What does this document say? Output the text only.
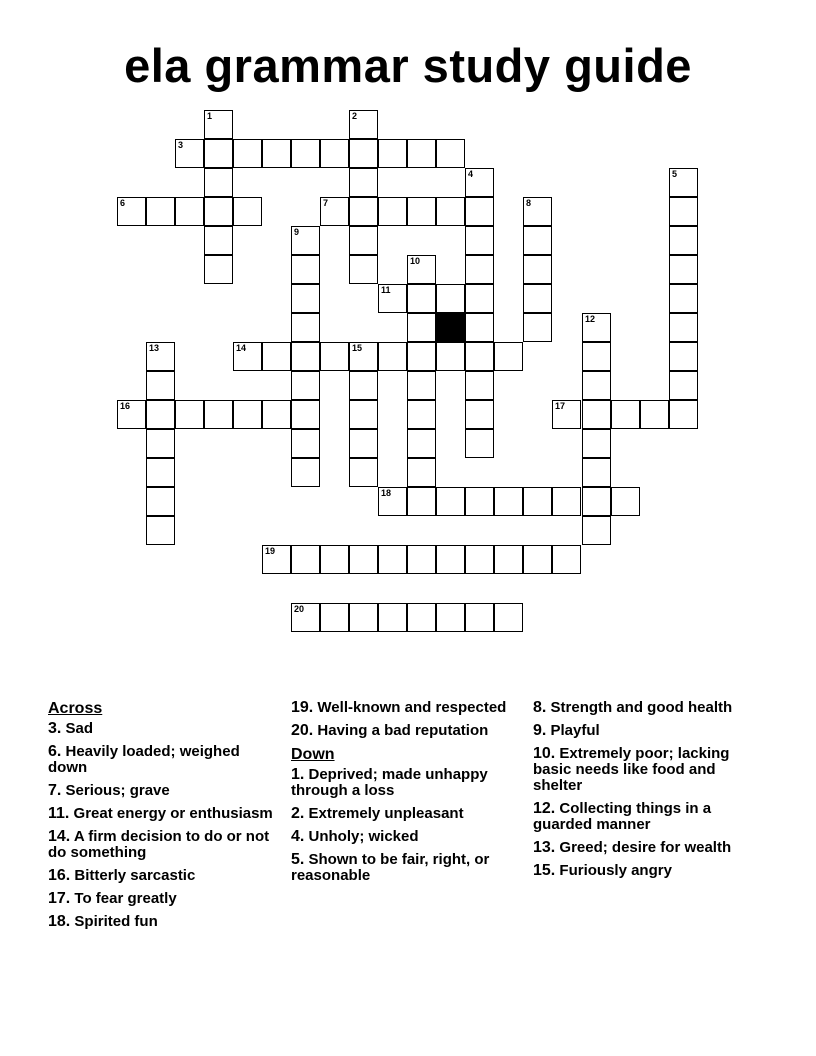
ela grammar study guide
1	2
3
4	5
6	7	8
9
10
11
12
13	14	15
16	17
18
19
20
Across
3. Sad
6. Heavily loaded; weighed down
7. Serious; grave
11. Great energy or enthusiasm
14. A firm decision to do or not do something
16. Bitterly sarcastic
17. To fear greatly
18. Spirited fun
19. Well-known and respected
20. Having a bad reputation
Down
1. Deprived; made unhappy through a loss
2. Extremely unpleasant
4. Unholy; wicked
5. Shown to be fair, right, or reasonable
8. Strength and good health
9. Playful
10. Extremely poor; lacking basic needs like food and shelter
12. Collecting things in a guarded manner
13. Greed; desire for wealth
15. Furiously angry
